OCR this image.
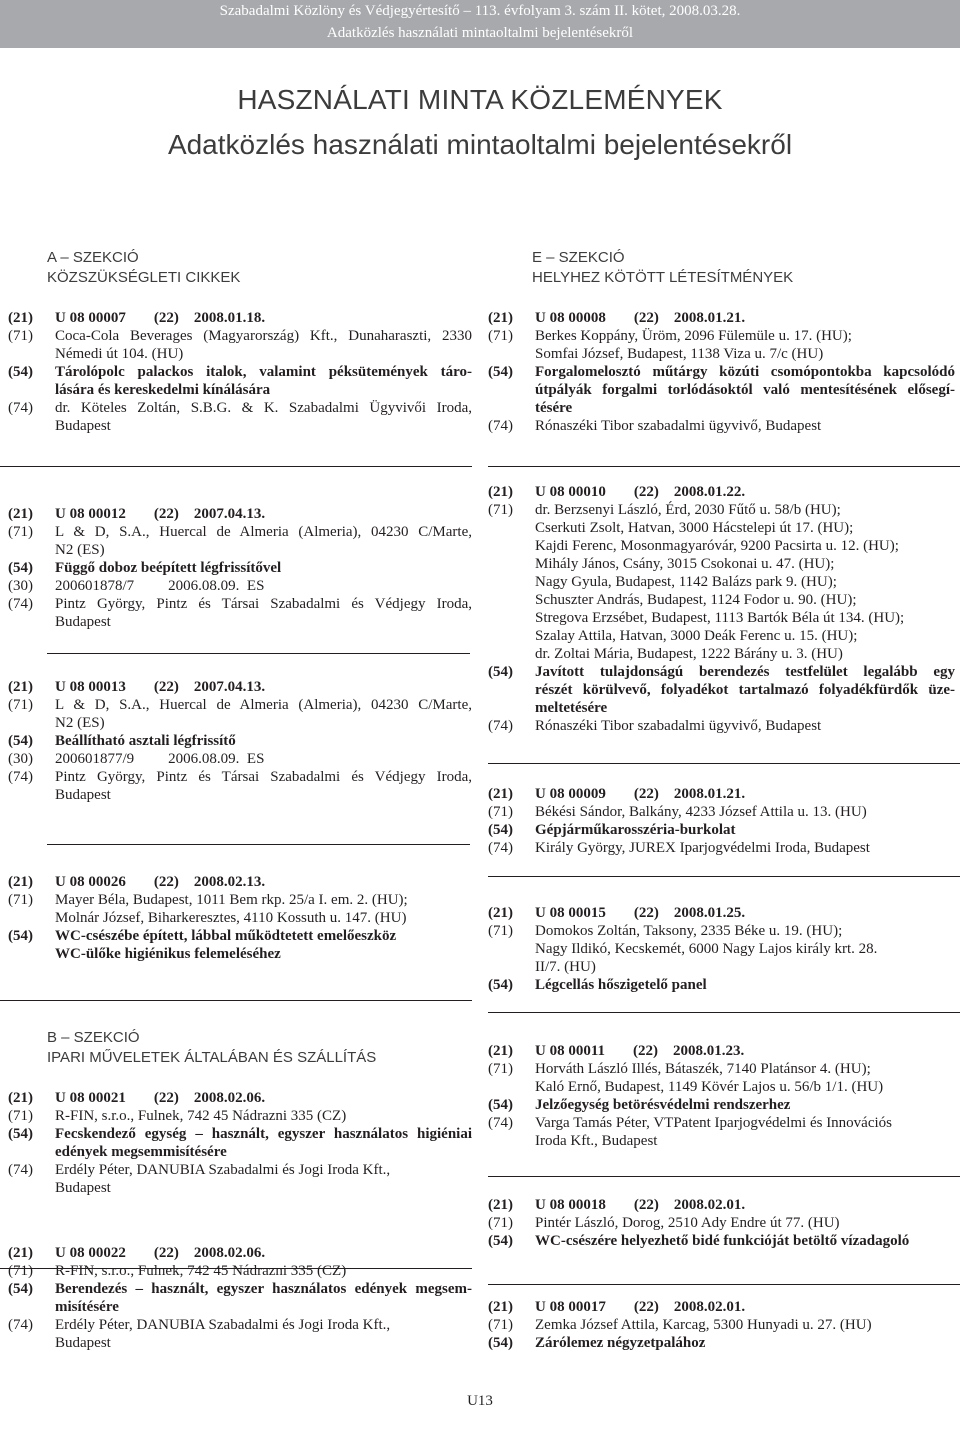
Szabadalmi Közlöny és Védjegyértesítő – 113. évfolyam 3. szám II. kötet, 2008.03.28.
Adatközlés használati mintaoltalmi bejelentésekről
HASZNÁLATI MINTA KÖZLEMÉNYEK
Adatközlés használati mintaoltalmi bejelentésekről
A – SZEKCIÓ
KÖZSZÜKSÉGLETI CIKKEK
E – SZEKCIÓ
HELYHEZ KÖTÖTT LÉTESÍTMÉNYEK
B – SZEKCIÓ
IPARI MŰVELETEK ÁLTALÁBAN ÉS SZÁLLÍTÁS
(21) U 08 00007 (22) 2008.01.18.
(71) Coca-Cola Beverages (Magyarország) Kft., Dunaharaszti, 2330
Némedi út 104. (HU)
(54) Tárolópolc palackos italok, valamint péksütemények táro-
lására és kereskedelmi kínálására
(74) dr. Köteles Zoltán, S.B.G. & K. Szabadalmi Ügyvivői Iroda,
Budapest
(21) U 08 00012 (22) 2007.04.13.
(71) L & D, S.A., Huercal de Almeria (Almeria), 04230 C/Marte,
N2 (ES)
(54) Függő doboz beépített légfrissítővel
(30) 200601878/7 2006.08.09. ES
(74) Pintz György, Pintz és Társai Szabadalmi és Védjegy Iroda,
Budapest
(21) U 08 00013 (22) 2007.04.13.
(71) L & D, S.A., Huercal de Almeria (Almeria), 04230 C/Marte,
N2 (ES)
(54) Beállítható asztali légfrissítő
(30) 200601877/9 2006.08.09. ES
(74) Pintz György, Pintz és Társai Szabadalmi és Védjegy Iroda,
Budapest
(21) U 08 00026 (22) 2008.02.13.
(71) Mayer Béla, Budapest, 1011 Bem rkp. 25/a I. em. 2. (HU);
Molnár József, Biharkeresztes, 4110 Kossuth u. 147. (HU)
(54) WC-csészébe épített, lábbal működtetett emelőeszköz
WC-ülőke higiénikus felemeléséhez
(21) U 08 00021 (22) 2008.02.06.
(71) R-FIN, s.r.o., Fulnek, 742 45 Nádrazni 335 (CZ)
(54) Fecskendező egység – használt, egyszer használatos higiéniai
edények megsemmisítésére
(74) Erdély Péter, DANUBIA Szabadalmi és Jogi Iroda Kft.,
Budapest
(21) U 08 00022 (22) 2008.02.06.
(71) R-FIN, s.r.o., Fulnek, 742 45 Nádrazni 335 (CZ)
(54) Berendezés – használt, egyszer használatos edények megsem-
misítésére
(74) Erdély Péter, DANUBIA Szabadalmi és Jogi Iroda Kft.,
Budapest
(21) U 08 00008 (22) 2008.01.21.
(71) Berkes Koppány, Üröm, 2096 Fülemüle u. 17. (HU);
Somfai József, Budapest, 1138 Viza u. 7/c (HU)
(54) Forgalomelosztó műtárgy közúti csomópontokba kapcsolódó
útpályák forgalmi torlódásoktól való mentesítésének elősegí-
tésére
(74) Rónaszéki Tibor szabadalmi ügyvivő, Budapest
(21) U 08 00010 (22) 2008.01.22.
(71) dr. Berzsenyi László, Érd, 2030 Fűtő u. 58/b (HU);
Cserkuti Zsolt, Hatvan, 3000 Hácstelepi út 17. (HU);
Kajdi Ferenc, Mosonmagyaróvár, 9200 Pacsirta u. 12. (HU);
Mihály János, Csány, 3015 Csokonai u. 47. (HU);
Nagy Gyula, Budapest, 1142 Balázs park 9. (HU);
Schuszter András, Budapest, 1124 Fodor u. 90. (HU);
Stregova Erzsébet, Budapest, 1113 Bartók Béla út 134. (HU);
Szalay Attila, Hatvan, 3000 Deák Ferenc u. 15. (HU);
dr. Zoltai Mária, Budapest, 1222 Bárány u. 3. (HU)
(54) Javított tulajdonságú berendezés testfelület legalább egy
részét körülvevő, folyadékot tartalmazó folyadékfürdők üze-
meltetésére
(74) Rónaszéki Tibor szabadalmi ügyvivő, Budapest
(21) U 08 00009 (22) 2008.01.21.
(71) Békési Sándor, Balkány, 4233 József Attila u. 13. (HU)
(54) Gépjárműkarosszéria-burkolat
(74) Király György, JUREX Iparjogvédelmi Iroda, Budapest
(21) U 08 00015 (22) 2008.01.25.
(71) Domokos Zoltán, Taksony, 2335 Béke u. 19. (HU);
Nagy Ildikó, Kecskemét, 6000 Nagy Lajos király krt. 28.
II/7. (HU)
(54) Légcellás hőszigetelő panel
(21) U 08 00011 (22) 2008.01.23.
(71) Horváth László Illés, Bátaszék, 7140 Platánsor 4. (HU);
Kaló Ernő, Budapest, 1149 Kövér Lajos u. 56/b 1/1. (HU)
(54) Jelzőegység betörésvédelmi rendszerhez
(74) Varga Tamás Péter, VTPatent Iparjogvédelmi és Innovációs
Iroda Kft., Budapest
(21) U 08 00018 (22) 2008.02.01.
(71) Pintér László, Dorog, 2510 Ady Endre út 77. (HU)
(54) WC-csészére helyezhető bidé funkcióját betöltő vízadagoló
(21) U 08 00017 (22) 2008.02.01.
(71) Zemka József Attila, Karcag, 5300 Hunyadi u. 27. (HU)
(54) Zárólemez négyzetpalához
U13
